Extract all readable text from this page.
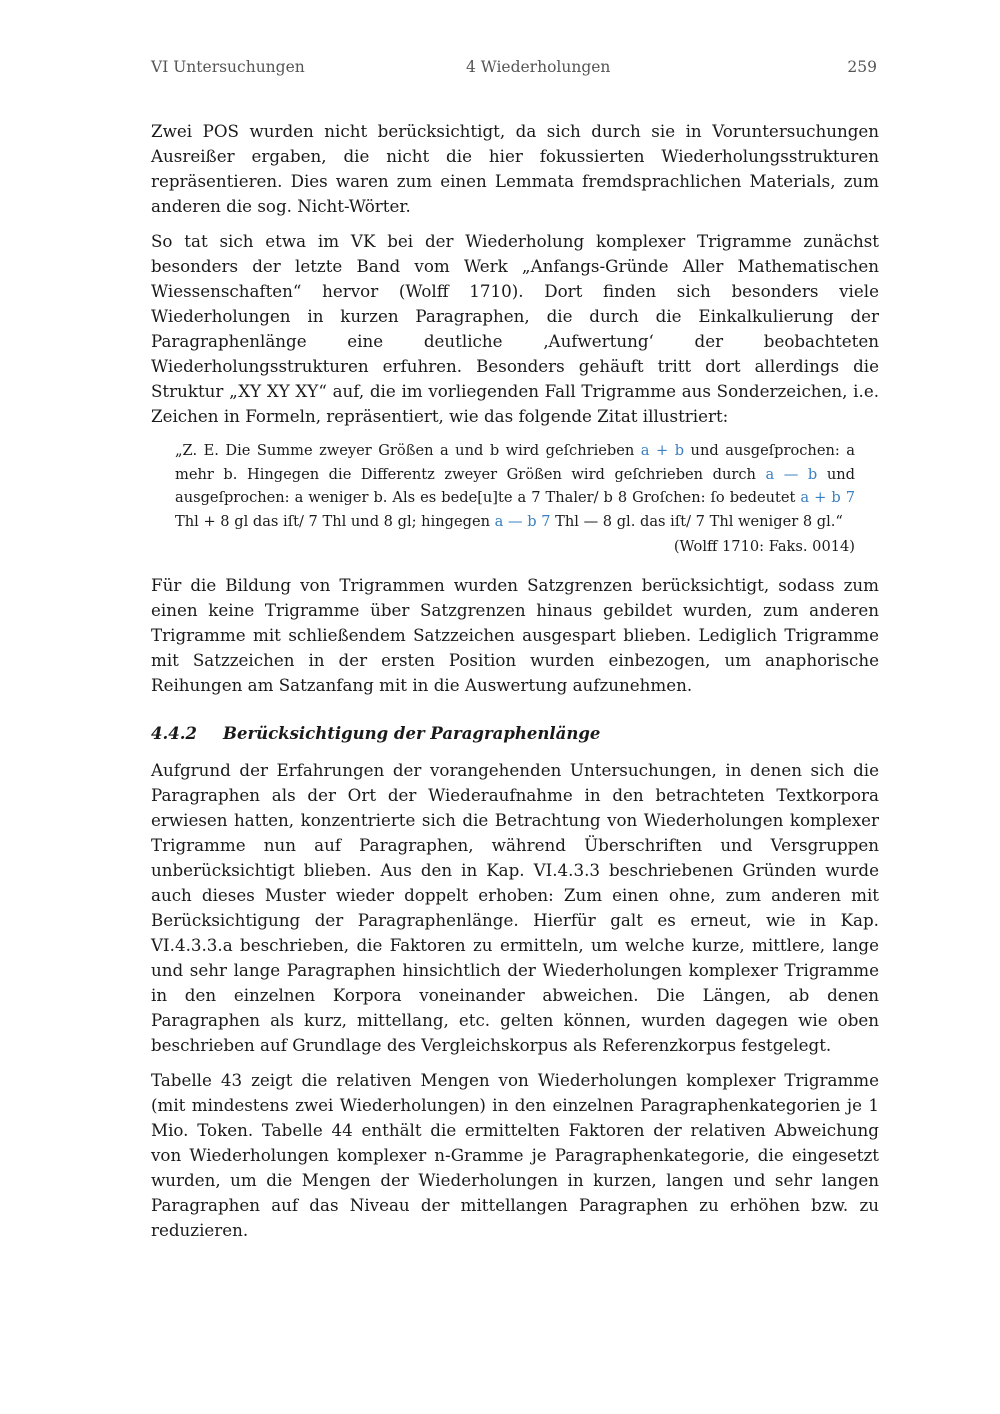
VI Untersuchungen	4 Wiederholungen	259

Zwei POS wurden nicht berücksichtigt, da sich durch sie in Voruntersuchungen Ausreißer ergaben, die nicht die hier fokussierten Wiederholungsstrukturen repräsentieren. Dies waren zum einen Lemmata fremdsprachlichen Materials, zum anderen die sog. Nicht-Wörter.

So tat sich etwa im VK bei der Wiederholung komplexer Trigramme zunächst besonders der letzte Band vom Werk „Anfangs-Gründe Aller Mathematischen Wiessenschaften“ hervor (Wolff 1710). Dort finden sich besonders viele Wiederholungen in kurzen Paragraphen, die durch die Einkalkulierung der Paragraphenlänge eine deutliche ‚Aufwertung‘ der beobachteten Wiederholungsstrukturen erfuhren. Besonders gehäuft tritt dort allerdings die Struktur „XY XY XY“ auf, die im vorliegenden Fall Trigramme aus Sonderzeichen, i.e. Zeichen in Formeln, repräsentiert, wie das folgende Zitat illustriert:

„Z. E. Die Summe zweyer Größen a und b wird geſchrieben a + b und ausgeſprochen: a mehr b. Hingegen die Differentz zweyer Größen wird geſchrieben durch a — b und ausgeſprochen: a weniger b. Als es bede[u]te a 7 Thaler/ b 8 Groſchen: ſo bedeutet a + b 7 Thl + 8 gl das iſt/ 7 Thl und 8 gl; hingegen a — b 7 Thl — 8 gl. das iſt/ 7 Thl weniger 8 gl.“
(Wolff 1710: Faks. 0014)

Für die Bildung von Trigrammen wurden Satzgrenzen berücksichtigt, sodass zum einen keine Trigramme über Satzgrenzen hinaus gebildet wurden, zum anderen Trigramme mit schließendem Satzzeichen ausgespart blieben. Lediglich Trigramme mit Satzzeichen in der ersten Position wurden einbezogen, um anaphorische Reihungen am Satzanfang mit in die Auswertung aufzunehmen.

4.4.2 Berücksichtigung der Paragraphenlänge

Aufgrund der Erfahrungen der vorangehenden Untersuchungen, in denen sich die Paragraphen als der Ort der Wiederaufnahme in den betrachteten Textkorpora erwiesen hatten, konzentrierte sich die Betrachtung von Wiederholungen komplexer Trigramme nun auf Paragraphen, während Überschriften und Versgruppen unberücksichtigt blieben. Aus den in Kap. VI.4.3.3 beschriebenen Gründen wurde auch dieses Muster wieder doppelt erhoben: Zum einen ohne, zum anderen mit Berücksichtigung der Paragraphenlänge. Hierfür galt es erneut, wie in Kap. VI.4.3.3.a beschrieben, die Faktoren zu ermitteln, um welche kurze, mittlere, lange und sehr lange Paragraphen hinsichtlich der Wiederholungen komplexer Trigramme in den einzelnen Korpora voneinander abweichen. Die Längen, ab denen Paragraphen als kurz, mittellang, etc. gelten können, wurden dagegen wie oben beschrieben auf Grundlage des Vergleichskorpus als Referenzkorpus festgelegt.

Tabelle 43 zeigt die relativen Mengen von Wiederholungen komplexer Trigramme (mit mindestens zwei Wiederholungen) in den einzelnen Paragraphenkategorien je 1 Mio. Token. Tabelle 44 enthält die ermittelten Faktoren der relativen Abweichung von Wiederholungen komplexer n-Gramme je Paragraphenkategorie, die eingesetzt wurden, um die Mengen der Wiederholungen in kurzen, langen und sehr langen Paragraphen auf das Niveau der mittellangen Paragraphen zu erhöhen bzw. zu reduzieren.
